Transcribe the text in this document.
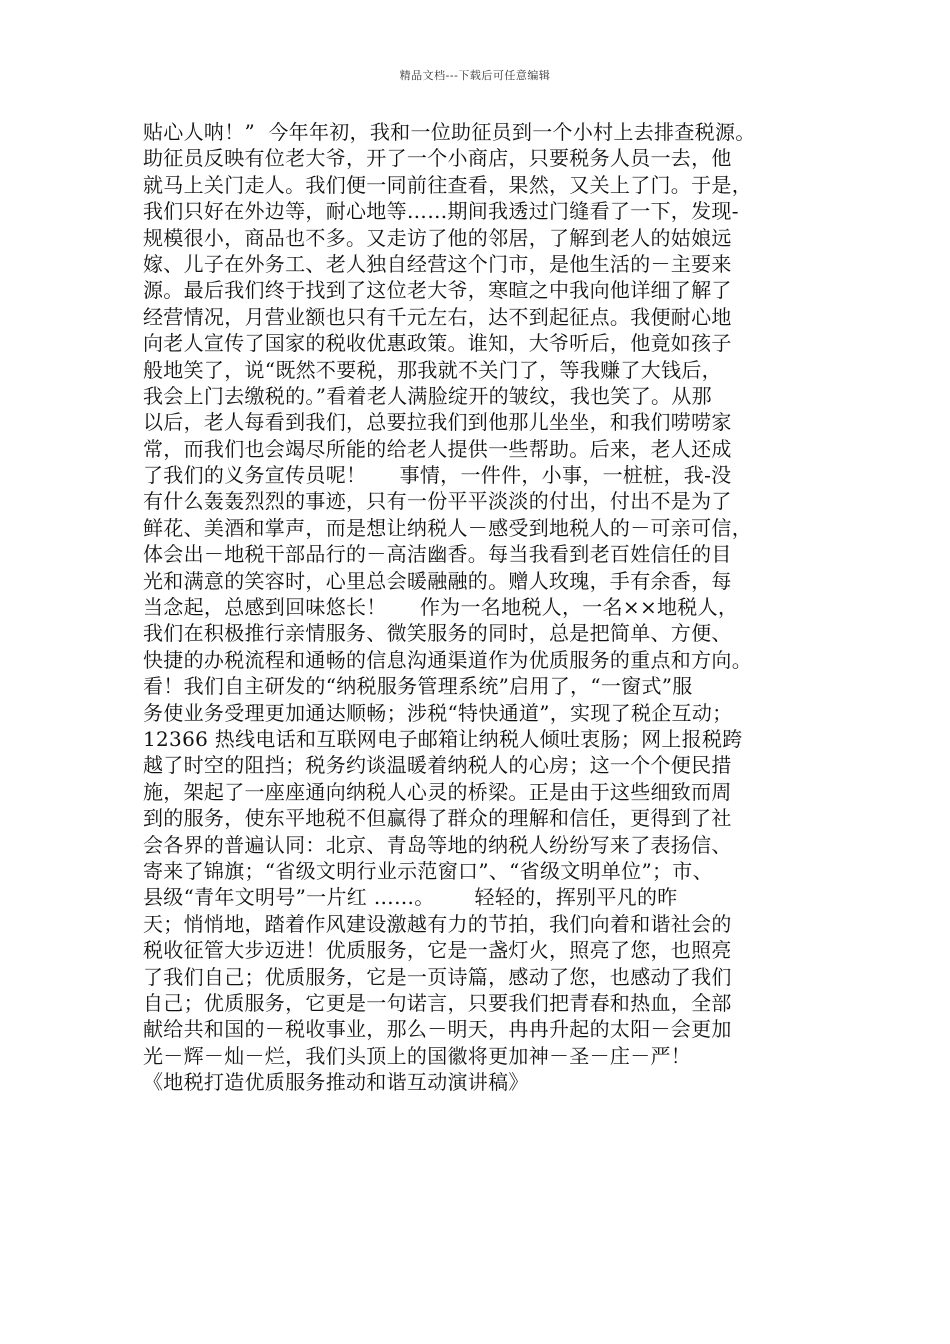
精品文档---下载后可任意编辑
贴心人呐！”  今年年初，我和一位助征员到一个小村上去排查税源。
助征员反映有位老大爷，开了一个小商店，只要税务人员一去，他
就马上关门走人。我们便一同前往查看，果然，又关上了门。于是，
我们只好在外边等，耐心地等……期间我透过门缝看了一下，发现-
规模很小，商品也不多。又走访了他的邻居，了解到老人的姑娘远
嫁、儿子在外务工、老人独自经营这个门市，是他生活的－主要来
源。最后我们终于找到了这位老大爷，寒暄之中我向他详细了解了
经营情况，月营业额也只有千元左右，达不到起征点。我便耐心地
向老人宣传了国家的税收优惠政策。谁知，大爷听后，他竟如孩子
般地笑了，说“既然不要税，那我就不关门了，等我赚了大钱后，
我会上门去缴税的。”看着老人满脸绽开的皱纹，我也笑了。从那
以后，老人每看到我们，总要拉我们到他那儿坐坐，和我们唠唠家
常，而我们也会竭尽所能的给老人提供一些帮助。后来，老人还成
了我们的义务宣传员呢！     事情，一件件，小事，一桩桩，我-没
有什么轰轰烈烈的事迹，只有一份平平淡淡的付出，付出不是为了
鲜花、美酒和掌声，而是想让纳税人－感受到地税人的－可亲可信，
体会出－地税干部品行的－高洁幽香。每当我看到老百姓信任的目
光和满意的笑容时，心里总会暖融融的。赠人玫瑰，手有余香，每
当念起，总感到回味悠长！     作为一名地税人，一名××地税人，
我们在积极推行亲情服务、微笑服务的同时，总是把简单、方便、
快捷的办税流程和通畅的信息沟通渠道作为优质服务的重点和方向。
看！我们自主研发的“纳税服务管理系统”启用了，“一窗式”服
务使业务受理更加通达顺畅；涉税“特快通道”，实现了税企互动；
12366 热线电话和互联网电子邮箱让纳税人倾吐衷肠；网上报税跨
越了时空的阻挡；税务约谈温暖着纳税人的心房；这一个个便民措
施，架起了一座座通向纳税人心灵的桥梁。正是由于这些细致而周
到的服务，使东平地税不但赢得了群众的理解和信任，更得到了社
会各界的普遍认同：北京、青岛等地的纳税人纷纷写来了表扬信、
寄来了锦旗；“省级文明行业示范窗口”、“省级文明单位”；市、
县级“青年文明号”一片红 ……。      轻轻的，挥别平凡的昨
天；悄悄地，踏着作风建设激越有力的节拍，我们向着和谐社会的
税收征管大步迈进！优质服务，它是一盏灯火，照亮了您，也照亮
了我们自己；优质服务，它是一页诗篇，感动了您，也感动了我们
自己；优质服务，它更是一句诺言，只要我们把青春和热血，全部
献给共和国的－税收事业，那么－明天，冉冉升起的太阳－会更加
光－辉－灿－烂，我们头顶上的国徽将更加神－圣－庄－严！
《地税打造优质服务推动和谐互动演讲稿》
